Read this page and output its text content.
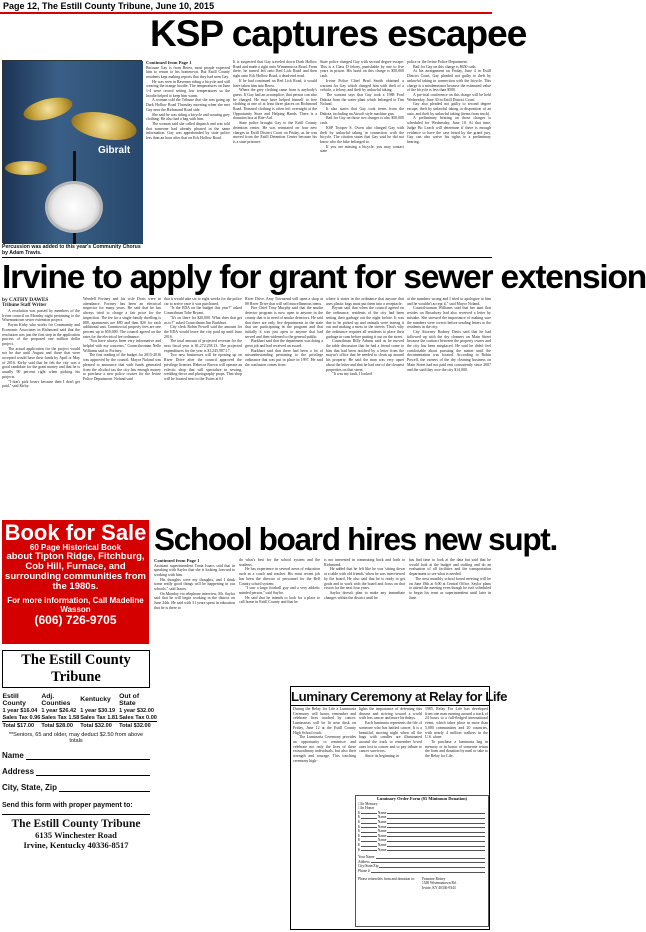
Page 12, The Estill County Tribune, June 10, 2015
KSP captures escapee
Gibralt
Percussion was added to this year's Community Chorus by Adam Travis.

Continued from Page 1

Because Gay is from Berea, most people expected him to return to his hometown. But Estill County residents kept making reports that they had seen Gay.

He was seen in Ravenna riding a bicycle and still wearing the orange hoodie. The temperatures on June 1-4 were record setting low temperatures so the hoodie helped to keep him warm.

A woman told the Tribune that she was going up Dark Hollow Road Thursday morning when she met Gay near the Richmond Road side.

She said he was riding a bicycle and wearing grey clothing. He also had a bag with him.

The woman said she called dispatch and was told that someone had already phoned in the same information. Gay was apprehended by state police less than an hour after that on Eck Hollow Road.

It is suspected that Gay traveled down Dark Hollow Road and made a right onto Winnemucca Road. From there, he turned left onto Red Lick Road and then right onto Eck Hollow Road, a dead-end road.

If he had continued on Red Lick Road, it would have taken him into Berea.

Where the grey clothing came from is anybody's guess. If Gay had an accomplice, that person can also be charged. He may have helped himself to free clothing at one of at least three places on Richmond Road. Donated clothing is often left overnight at the Opportunity Store and Helping Hands. There is a donation box at Rite-Aid.

State police brought Gay to the Estill County detention center. He was reinstated on four new charges in Estill District Court on Friday, as he was moved from the Estill Detention Center because his is a state prisoner.

State police charged Gay with second degree escape. This is a Class D felony, punishable by one to five years in prison. His bond on this charge is $50,000 cash.

Irvine Police Chief Brad Smith obtained a warrant for Gay which charged him with theft of a vehicle, a felony, and theft by unlawful taking.

The warrant says that Gay took a 1988 Ford Dakota from the water plant which belonged to Tim Noland.

It also states that Gay took items from the Dakota, including an Airsoft style machine gun.

Bail for Gay on those two charges is also $50,000 cash.

KSP Trooper S. Owen also charged Gay with theft by unlawful taking in connection with the bicycle. The citation states that Gay said he did not know who the bike belonged to.

If you are missing a bicycle, you may contact state

police or the Irvine Police Department.

Bail for Gay on this charge is $650 cash.

At his arraignment on Friday, June 4 in Estill District Court, Gay pleaded not guilty to theft by unlawful taking in connection with the bicycle. This charge is a misdemeanor because the estimated value of the bicycle is less than $500.

A pre-trial conference on this charge will be held Wednesday, June 30 in Estill District Court.

Gay also pleaded not guilty to second degree escape, theft by unlawful taking or disposition of an auto, and theft by unlawful taking (items from truck).

A preliminary hearing on those charges is scheduled for Wednesday, June 10. At that time, Judge Bo Leach will determine if there is enough evidence to have the case heard by the grand jury. Gay can also waive his rights to a preliminary hearing.

Irvine to apply for grant for sewer extension

by CATHY DAWES

Tribune Staff Writer

A resolution was passed by members of the Irvine council on Monday night pertaining to the Wisemantown sewer extension project.

Bryan Kirby who works for Community and Economic Associates in Richmond said that the resolution was just the first step in the application process of the proposed one million dollar project.

The actual application for the project would not be due until August and those that were accepted would have their funds by April or May of 2016. Kirby said that he felt the city was a good candidate for the grant money and that he is usually 90 percent right when picking his projects.

"I don't pick losers because then I don't get paid," said Kirby.

Wendell Fortney and his wife Doris were in attendance. Fortney has been an electrical inspector for many years. He said that he has always tried to charge a fair price for the inspection. The fee for a single family dwelling is $80, apartments are $80 and then $20 for each additional unit. Commercial property fees are one percent up to $50,000. The council agreed on the rates for the electrical fee ordinance.

"You have always been very informative and helpful with my concerns," Councilwoman Nelle Williams said to Fortney.

The first reading of the budget for 2015-2016 was approved by the council. Mayor Noland was pleased to announce that with funds generated from the alcohol tax the city has enough money to purchase a new police cruiser for the Irvine Police Department. Noland said

that it would take six to eight weeks for the police car to arrive once it was purchased.

"Is the EDA on the budget this year?" asked Councilman Tobe Bryant.

"It's on there for $20,000. What does that get us to?" asked Councilman Jim Burkhart.

City clerk Robin Powell said the amount for the EDA would leave the city paid up until June 2016.

The total amount of projected revenue for the next fiscal year is $1,272,258.13. The projected expenditures for the year is $1,245,987.17.

Two new businesses will be opening up on River Drive after the council approved the privilege licenses. Rebecca Brown will operate an eclectic shop that will specialize in sewing, wedding decor and photography props. That shop will be located next to the Twins at 61

River Drive. Amy Townsend will open a shop at 88 River Drive that will sell miscellaneous items.

Fire Chief Tony Murphy said that the smoke detector program is now open to anyone in the county that is in need of smoke detectors. He said that there are only five departments in the state that are participating in the program and that initially it was just open to anyone that had served and then widened to the general public.

Burkhart said that the department was doing a great job and had received an award.

Burkhart said that there had been a lot of misunderstanding pertaining to the privilege ordinance that was put in place in 1997. He said the confusion comes from

where it states in the ordinance that anyone that uses plastic bags must put them into a receptacle.

Bryant said that when the council agreed on the ordinance, residents of the city had been setting their garbage out the night before. It was due to be picked up and animals were tearing it out and making a mess in the streets. That's why the ordinance requires all residents to place their garbage in cans before putting it out on the street.

Councilman Billy Adams said as he moved the table discussion that he had a friend come to him that had been notified by a letter from the mayor's office that he needed to clean up around his property. He said the man was very upset about the letter and that he had one of the cleanest properties on that street.

"It was my fault, I looked

at the numbers wrong and I tried to apologize to him and he wouldn't accept it," said Mayor Noland.

Councilwoman Williams said that her aunt that resides on Broadway had also received a letter by mistake. She stressed the importance of making sure the numbers were correct before sending letters to the residents in the city.

City Attorney Rodney Davis said that he had followed up with the dry cleaners on Main Street because the contract between the property owner and the city has been misplaced. He said he didn't feel comfortable about pursuing the matter until the documentation was located. According to Robin Powell, the owners of the dry cleaning business on Main Street had not paid rent consistently since 2007 and the said they owe the city $14,000.

Book for Sale
60 Page Historical Book
about Tipton Ridge, Fitchburg, Cob Hill, Furnace, and surrounding communities from the 1980s.
For more information, Call Madeline Wasson
(606) 726-9705
School board hires new supt.

Continued from Page 1

Assistant superintendent Tonia Isaacs said that in speaking with Saylor that she is looking forward to working with him.

His thoughts were my thoughts, and I think some really good things will be happening in our schools," said Isaacs.

On Monday via telephone interview, Mr. Saylor said that he will begin working in the district on June 24th. He said with 31 years spent in education that he is there to

do what's best for the school system and the students.

He has experience in several areas of education such as a coach and teacher. His most recent job has been the director of personnel for the Bell County school system.

"I saw a large football guy and a very athletic minded person," said Saylor.

He said that he intends to look for a place to call home in Estill County and that he

is not interested in commuting back and forth to Richmond.

He added that he felt like he was 'sitting down at a table with old friends' when he was interviewed by the board. He also said that he is ready to get goals and to work with the board and focus on that vision for the next four years.

Saylor doesn't plan to make any immediate changes within the district until he

has had time to look at the data but said that he would look at the budget and staffing and do an evaluation of all facilities and the transportation department to see what is needed.

The next monthly school board meeting will be on June 18th at 6:00 at Central Office. Saylor plans to attend the meeting even though he isn't scheduled to begin his term as superintendent until later in June.

The Estill County Tribune
Estill County	Adj. Counties	Kentucky	Out of State
1 year $16.04	1 year $26.42	1 year $30.19	1 year $32.00
Sales Tax 0.96	Sales Tax 1.58	Sales Tax 1.81	Sales Tax 0.00
Total $17.00	Total $28.00	Total $32.00	Total $32.00
**Seniors, 65 and older, may deduct $2.50 from above totals
Name
Address
City, State, Zip
Send this form with proper payment to:
The Estill County Tribune
6135 Winchester Road
Irvine, Kentucky 40336-8517
Luminary Ceremony at Relay for Life

During the Relay for Life a Luminaria Ceremony will honor, remember and celebrate lives touched by cancer. Luminarias will be lit near dusk on Friday, June 12 at the Estill County High School track.

The Luminaria Ceremony provides an opportunity to reminisce and celebrate not only the lives of these extraordinary individuals, but also their strength and courage. This touching ceremony high-

lights the importance of defeating this disease and striving toward a world with less cancer and more birthdays.

Each luminaria represents the life of someone who has battled cancer. It is a beautiful, moving night when all the bags with candles are illuminated around the track to remember loved ones lost to cancer and to pay tribute to cancer survivors.

Since its beginning in

1985, Relay For Life has developed from one man running around a track of 24 hours to a full-fledged international event, which takes place in more than 5,000 communities and 20 countries, with nearly 4 million walkers in the U.S. alone.

To purchase a luminaria bag in memory or in honor of someone return the form and donation by mail or take to the Relay for Life.

Luminary Order Form ($5 Minimum Donation)
☐ In Memory
☐ In Honor
$	Name
$	Name
$	Name
$	Name
$	Name
$	Name
$	Name
$	Name
$	Name
Your Name
Address
City/State/Zip
Phone #
Please return this form and donation to:	Francine Boisey
1540 Wisemantown Rd.
Irvine, KY 40336-9343
